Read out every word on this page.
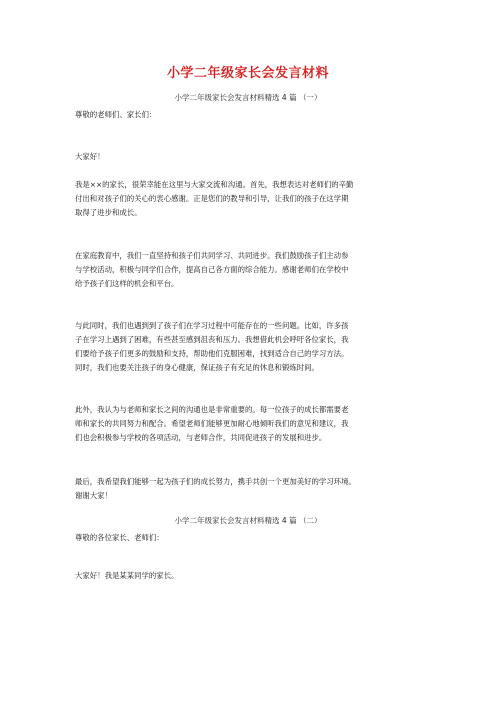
小学二年级家长会发言材料
小学二年级家长会发言材料精选 4 篇 （一）
尊敬的老师们、家长们：
大家好！
我是××的家长，很荣幸能在这里与大家交流和沟通。首先，我想表达对老师们的辛勤
付出和对孩子们的关心的衷心感谢。正是您们的教导和引导，让我们的孩子在这学期
取得了进步和成长。
在家庭教育中，我们一直坚持和孩子们共同学习、共同进步。我们鼓励孩子们主动参
与学校活动，积极与同学们合作，提高自己各方面的综合能力。感谢老师们在学校中
给予孩子们这样的机会和平台。
与此同时，我们也遇到到了孩子们在学习过程中可能存在的一些问题。比如，许多孩
子在学习上遇到了困难，有些甚至感到沮丧和压力。我想借此机会呼吁各位家长，我
们要给予孩子们更多的鼓励和支持，帮助他们克服困难，找到适合自己的学习方法。
同时，我们也要关注孩子的身心健康，保证孩子有充足的休息和锻炼时间。
此外，我认为与老师和家长之间的沟通也是非常重要的。每一位孩子的成长都需要老
师和家长的共同努力和配合。希望老师们能够更加耐心地倾听我们的意见和建议，我
们也会积极参与学校的各项活动，与老师合作，共同促进孩子的发展和进步。
最后，我希望我们能够一起为孩子们的成长努力，携手共创一个更加美好的学习环境。
谢谢大家！
小学二年级家长会发言材料精选 4 篇 （二）
尊敬的各位家长、老师们：
大家好！我是某某同学的家长。
